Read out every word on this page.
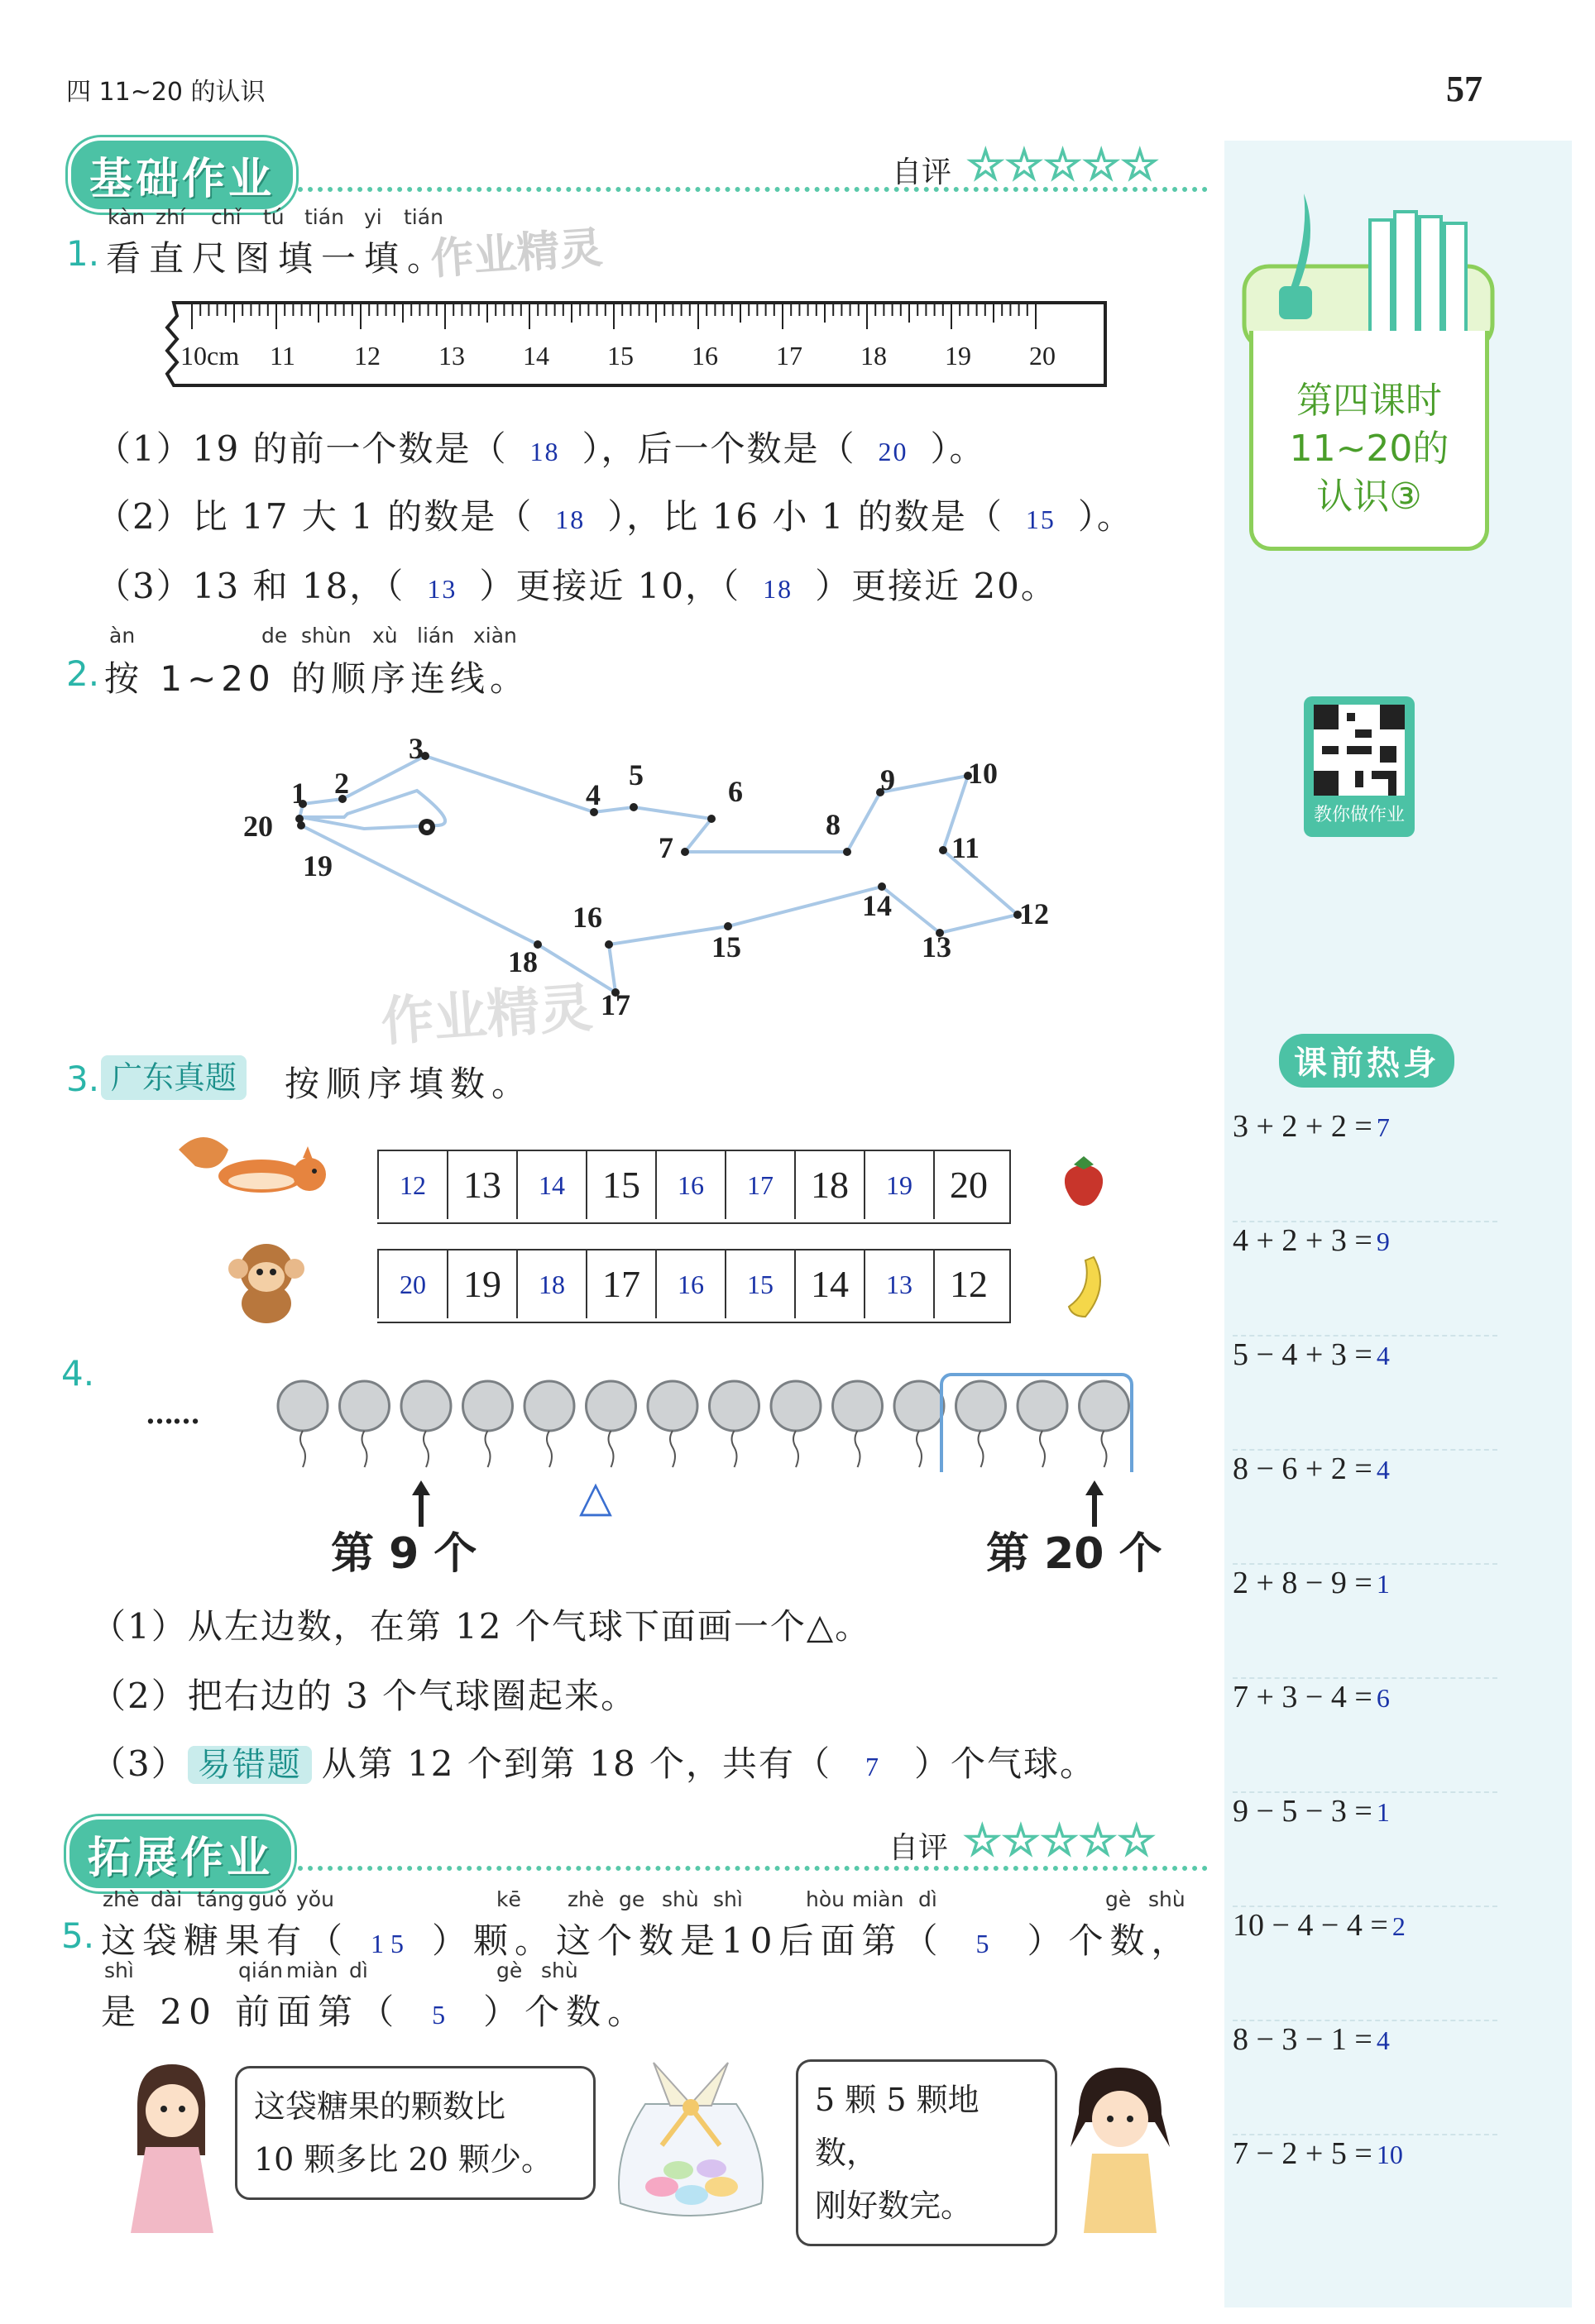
四 11~20 的认识	57
基础作业	自评 ☆☆☆☆☆
kàn zhí chǐ tú tián yi tián
1. 看直尺图填一填。
10cm 11 12 13 14 15 16 17 18 19 20
（1）19 的前一个数是（ 18 ），后一个数是（ 20 ）。
（2）比 17 大 1 的数是（ 18 ），比 16 小 1 的数是（ 15 ）。
（3）13 和 18，（ 13 ）更接近 10，（ 18 ）更接近 20。
àn	de shùn xù lián xiàn
2. 按 1~20 的顺序连线。
1 2
3
4
5	6
7
8
9 10
11
12
13
14
15
16
17
18
19
20
3. 广东真题 按顺序填数。
12 13	14 15	16	17 18	19 20
20 19	18 17	16	15 14	13 12
4.
……
△
第 9 个	第 20 个
（1）从左边数，在第 12 个气球下面画一个△。
（2）把右边的 3 个气球圈起来。
（3） 易错题 从第 12 个到第 18 个，共有（ 7 ）个气球。
拓展作业	自评 ☆☆☆☆☆
zhè dài táng guǒ yǒu	kē zhè ge shù shì	hòu miàn dì	gè shù
5. 这袋糖果有（ 15 ）颗。这个数是10后面第（ 5 ）个数，
shì	qián miàn dì	gè shù
是 20 前面第（ 5 ）个数。
这袋糖果的颗数比
10 颗多比 20 颗少。
5 颗 5 颗地数，
刚好数完。
第四课时
11~20的
认识③
教你做作业
课前热身
3 + 2 + 2 = 7
4 + 2 + 3 = 9
5 − 4 + 3 = 4
8 − 6 + 2 = 4
2 + 8 − 9 = 1
7 + 3 − 4 = 6
9 − 5 − 3 = 1
10 − 4 − 4 = 2
8 − 3 − 1 = 4
7 − 2 + 5 = 10
作业精灵
作业精灵
